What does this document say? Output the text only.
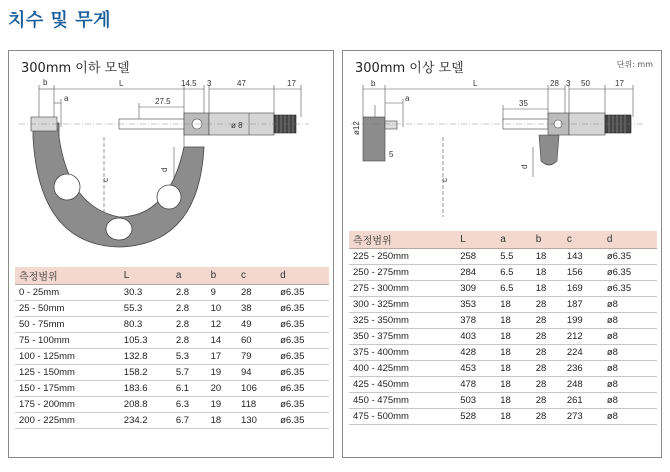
치수 및 무게
300mm 이하 모델
b
a
L	14.5 3	47	17
27.5
c
d
ø 8
측정범위	L	a	b	c	d
0 - 25mm	30.3	2.8	9	28	ø6.35
25 - 50mm	55.3	2.8	10	38	ø6.35
50 - 75mm	80.3	2.8	12	49	ø6.35
75 - 100mm	105.3	2.8	14	60	ø6.35
100 - 125mm	132.8	5.3	17	79	ø6.35
125 - 150mm	158.2	5.7	19	94	ø6.35
150 - 175mm	183.6	6.1	20	106	ø6.35
175 - 200mm	208.8	6.3	19	118	ø6.35
200 - 225mm	234.2	6.7	18	130	ø6.35
300mm 이상 모델	단위: mm
b
a
L	28 3 50	17
35
ø12
5
c
d
측정범위	L	a	b	c	d
225 - 250mm	258	5.5	18	143	ø6.35
250 - 275mm	284	6.5	18	156	ø6.35
275 - 300mm	309	6.5	18	169	ø6.35
300 - 325mm	353	18	28	187	ø8
325 - 350mm	378	18	28	199	ø8
350 - 375mm	403	18	28	212	ø8
375 - 400mm	428	18	28	224	ø8
400 - 425mm	453	18	28	236	ø8
425 - 450mm	478	18	28	248	ø8
450 - 475mm	503	18	28	261	ø8
475 - 500mm	528	18	28	273	ø8
